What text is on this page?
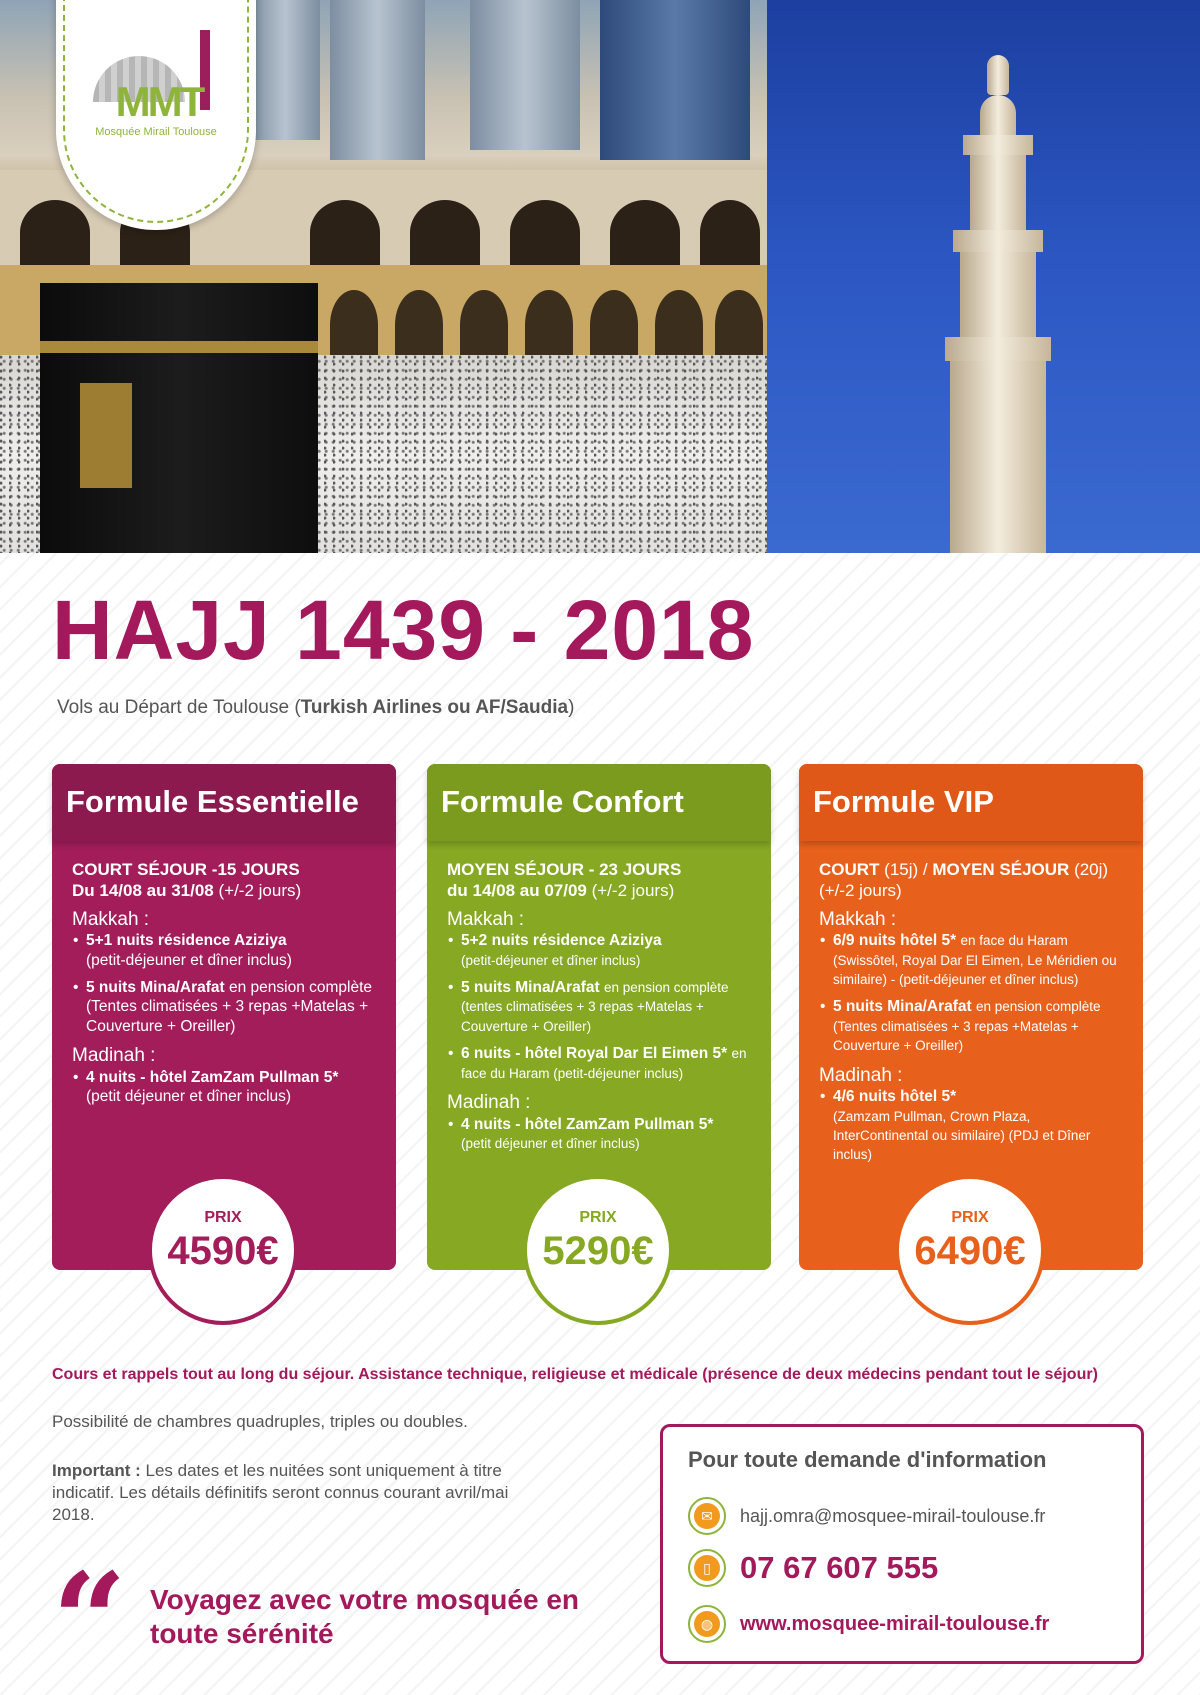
MMT
Mosquée Mirail Toulouse
HAJJ 1439 - 2018
Vols au Départ de Toulouse (Turkish Airlines ou AF/Saudia)
Formule Essentielle
COURT SÉJOUR -15 JOURS
Du 14/08 au 31/08 (+/-2 jours)
Makkah :
• 5+1 nuits résidence Aziziya
(petit-déjeuner et dîner inclus)
• 5 nuits Mina/Arafat en pension complète (Tentes climatisées + 3 repas +Matelas + Couverture + Oreiller)
Madinah :
• 4 nuits - hôtel ZamZam Pullman 5*
(petit déjeuner et dîner inclus)
Formule Confort
MOYEN SÉJOUR - 23 JOURS
du 14/08 au 07/09 (+/-2 jours)
Makkah :
• 5+2 nuits résidence Aziziya
(petit-déjeuner et dîner inclus)
• 5 nuits Mina/Arafat en pension complète (tentes climatisées + 3 repas +Matelas + Couverture + Oreiller)
• 6 nuits - hôtel Royal Dar El Eimen 5* en face du Haram (petit-déjeuner inclus)
Madinah :
• 4 nuits - hôtel ZamZam Pullman 5*
(petit déjeuner et dîner inclus)
Formule VIP
COURT (15j) / MOYEN SÉJOUR (20j)
(+/-2 jours)
Makkah :
• 6/9 nuits hôtel 5* en face du Haram (Swissôtel, Royal Dar El Eimen, Le Méridien ou similaire) - (petit-déjeuner et dîner inclus)
• 5 nuits Mina/Arafat en pension complète (Tentes climatisées + 3 repas +Matelas + Couverture + Oreiller)
Madinah :
• 4/6 nuits hôtel 5*
(Zamzam Pullman, Crown Plaza, InterContinental ou similaire) (PDJ et Dîner inclus)
PRIX
4590€
PRIX
5290€
PRIX
6490€
Cours et rappels tout au long du séjour. Assistance technique, religieuse et médicale (présence de deux médecins pendant tout le séjour)
Possibilité de chambres quadruples, triples ou doubles.
Important : Les dates et les nuitées sont uniquement à titre indicatif. Les détails définitifs seront connus courant avril/mai 2018.
“ Voyagez avec votre mosquée en toute sérénité
Pour toute demande d'information
✉	hajj.omra@mosquee-mirail-toulouse.fr
▯ 07 67 607 555
◍	www.mosquee-mirail-toulouse.fr
